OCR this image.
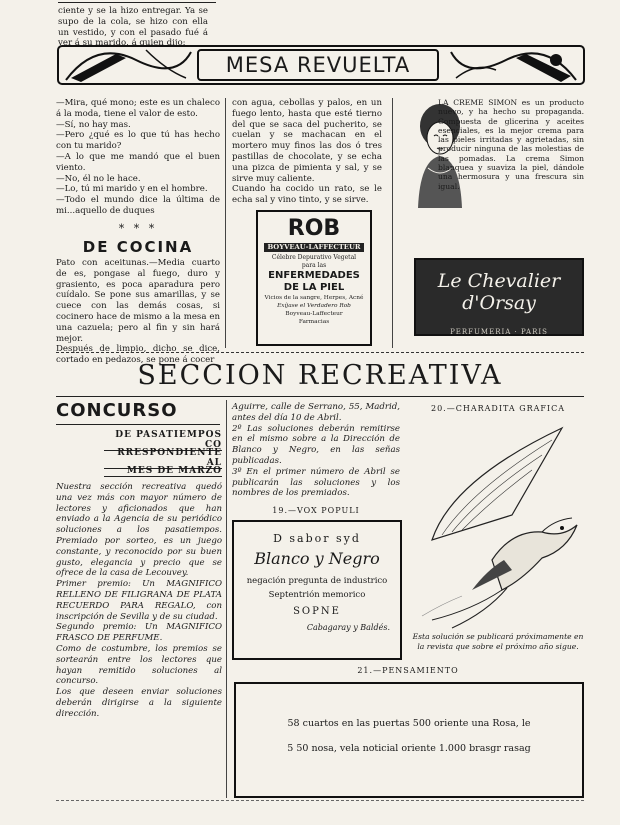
ciente y se la hizo entregar. Ya se supo de la cola, se hizo con ella un vestido, y con el pasado fué á ver á su marido, á quien dijo:
MESA REVUELTA
—Mira, qué mono; este es un chaleco á la moda, tiene el valor de esto.
—Sí, no hay mas.
—Pero ¿qué es lo que tú has hecho con tu marido?
—A lo que me mandó que el buen viento.
—No, él no le hace.
—Lo, tú mi marido y en el hombre.
—Todo el mundo dice la última de mi...aquello de duques
* * *
DE COCINA
Pato con aceitunas.—Media cuarto de es, pongase al fuego, duro y grasiento, es poca aparadura pero cuídalo. Se pone sus amarillas, y se cuece con las demás cosas, si cocinero hace de mismo a la mesa en una cazuela; pero al fin y sin hará mejor.
Después de limpio, dicho se dice, cortado en pedazos, se pone á cocer
con agua, cebollas y palos, en un fuego lento, hasta que esté tierno del que se saca del pucherito, se cuelan y se machacan en el mortero muy finos las dos ó tres pastillas de chocolate, y se echa una pizca de pimienta y sal, y se sirve muy caliente.
Cuando ha cocido un rato, se le echa sal y vino tinto, y se sirve.
ROB
BOYVEAU-LAFFECTEUR
Célebre Depurativo Vegetal
para las
ENFERMEDADES
DE LA PIEL
Vicios de la sangre, Herpes, Acné
Exíjase el Verdadero Rob
Boyveau-Laffecteur
Farmacias
LA CREME SIMON es un producto nuevo, y ha hecho su propaganda. Compuesta de glicerina y aceites esenciales, es la mejor crema para las pieles irritadas y agrietadas, sin producir ninguna de las molestias de las pomadas. La crema Simon blanquea y suaviza la piel, dándole una hermosura y una frescura sin igual.
Le Chevalier d'Orsay
PERFUMERIA · PARIS
SECCION RECREATIVA
CONCURSO
DE PASATIEMPOS CO
RRESPONDIENTE AL
MES DE MARZO
Nuestra sección recreativa quedó una vez más con mayor número de lectores y aficionados que han enviado a la Agencia de su periódico soluciones a los pasatiempos. Premiado por sorteo, es un juego constante, y reconocido por su buen gusto, elegancia y precio que se ofrece de la casa de Lecouvey.
Primer premio: Un MAGNIFICO RELLENO DE FILIGRANA DE PLATA RECUERDO PARA REGALO, con inscripción de Sevilla y de su ciudad.
Segundo premio: Un MAGNIFICO FRASCO DE PERFUME.
Como de costumbre, los premios se sortearán entre los lectores que hayan remitido soluciones al concurso.
Los que deseen enviar soluciones deberán dirigirse a la siguiente dirección.
Aguirre, calle de Serrano, 55, Madrid, antes del día 10 de Abril.
2º Las soluciones deberán remitirse en el mismo sobre a la Dirección de Blanco y Negro, en las señas publicadas.
3º En el primer número de Abril se publicarán las soluciones y los nombres de los premiados.
19.—VOX POPULI
D sabor syd
Blanco y Negro
negación pregunta de industrico
Septentrión memorico
SOPNE
Cabagaray y Baldés.
20.—CHARADITA GRAFICA
Esta solución se publicará próximamente en la revista que sobre el próximo año sigue.
21.—PENSAMIENTO
58 cuartos en las puertas 500 oriente una Rosa, le
5 50 nosa, vela noticial oriente 1.000 brasgr rasag
